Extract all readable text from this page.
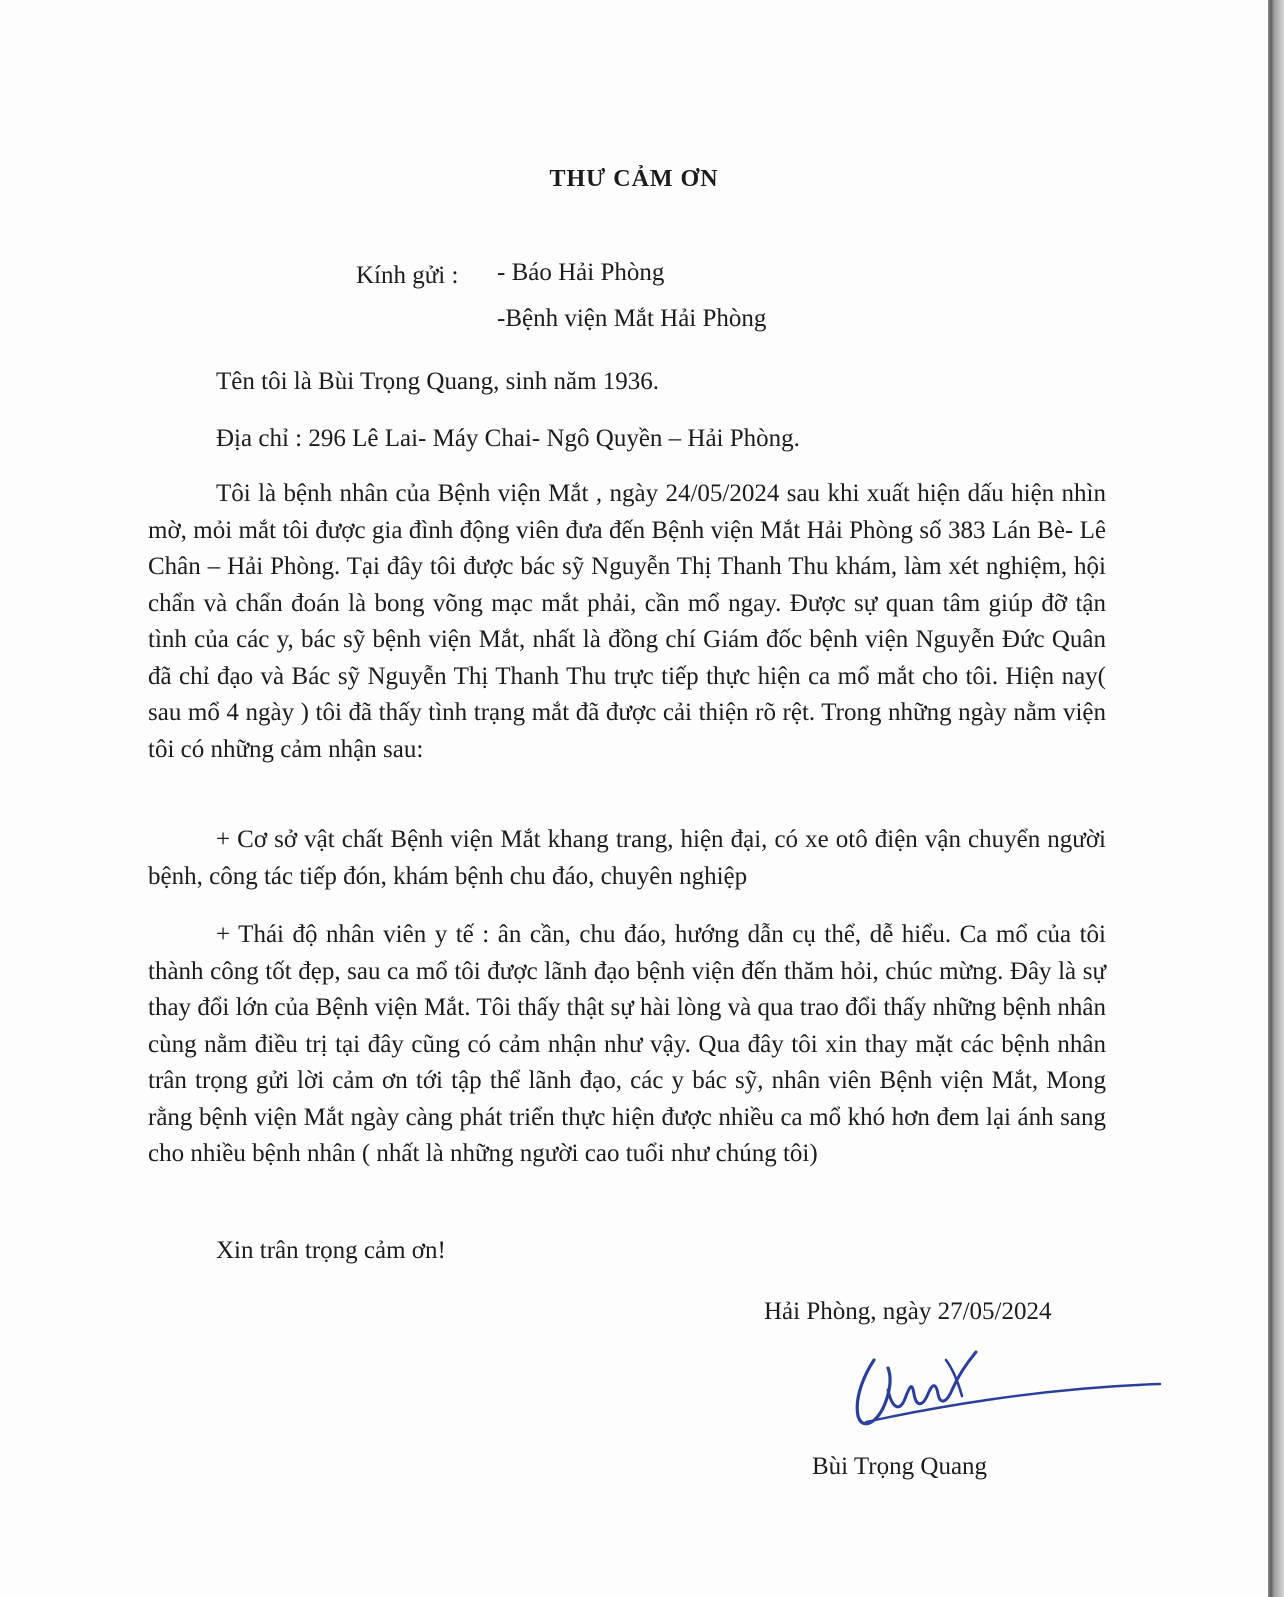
THƯ CẢM ƠN
Kính gửi : - Báo Hải Phòng
-Bệnh viện Mắt Hải Phòng
Tên tôi là Bùi Trọng Quang, sinh năm 1936.
Địa chỉ : 296 Lê Lai- Máy Chai- Ngô Quyền – Hải Phòng.

Tôi là bệnh nhân của Bệnh viện Mắt , ngày 24/05/2024 sau khi xuất hiện dấu hiện nhìn mờ, mỏi mắt tôi được gia đình động viên đưa đến Bệnh viện Mắt Hải Phòng số 383 Lán Bè- Lê Chân – Hải Phòng. Tại đây tôi được bác sỹ Nguyễn Thị Thanh Thu khám, làm xét nghiệm, hội chẩn và chẩn đoán là bong võng mạc mắt phải, cần mổ ngay. Được sự quan tâm giúp đỡ tận tình của các y, bác sỹ bệnh viện Mắt, nhất là đồng chí Giám đốc bệnh viện Nguyễn Đức Quân đã chỉ đạo và Bác sỹ Nguyễn Thị Thanh Thu trực tiếp thực hiện ca mổ mắt cho tôi. Hiện nay( sau mổ 4 ngày ) tôi đã thấy tình trạng mắt đã được cải thiện rõ rệt. Trong những ngày nằm viện tôi có những cảm nhận sau:

+ Cơ sở vật chất Bệnh viện Mắt khang trang, hiện đại, có xe otô điện vận chuyển người bệnh, công tác tiếp đón, khám bệnh chu đáo, chuyên nghiệp

+ Thái độ nhân viên y tế : ân cần, chu đáo, hướng dẫn cụ thể, dễ hiểu. Ca mổ của tôi thành công tốt đẹp, sau ca mổ tôi được lãnh đạo bệnh viện đến thăm hỏi, chúc mừng. Đây là sự thay đổi lớn của Bệnh viện Mắt. Tôi thấy thật sự hài lòng và qua trao đổi thấy những bệnh nhân cùng nằm điều trị tại đây cũng có cảm nhận như vậy. Qua đây tôi xin thay mặt các bệnh nhân trân trọng gửi lời cảm ơn tới tập thể lãnh đạo, các y bác sỹ, nhân viên Bệnh viện Mắt, Mong rằng bệnh viện Mắt ngày càng phát triển thực hiện được nhiều ca mổ khó hơn đem lại ánh sang cho nhiều bệnh nhân ( nhất là những người cao tuổi như chúng tôi)

Xin trân trọng cảm ơn!
Hải Phòng, ngày 27/05/2024
Bùi Trọng Quang
